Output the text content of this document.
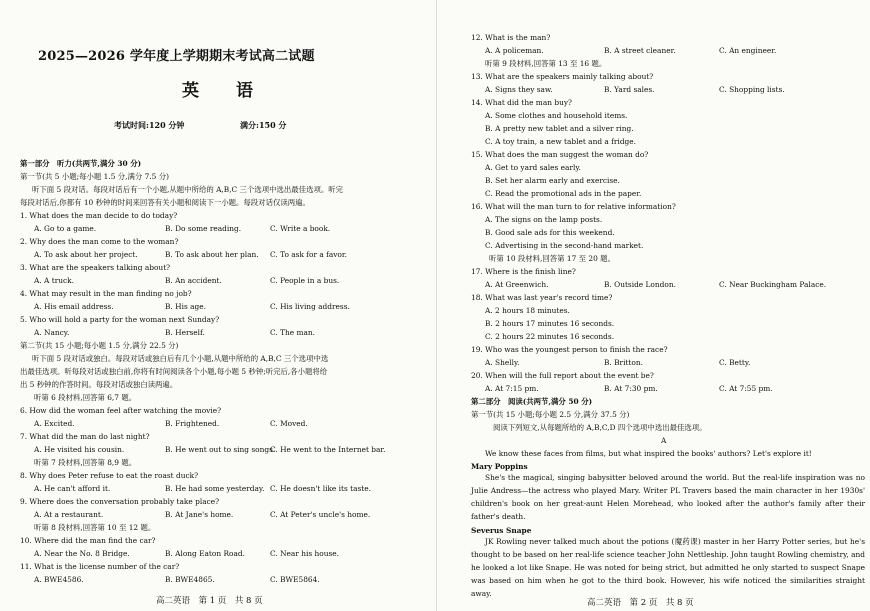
2025—2026 学年度上学期期末考试高二试题
英　语
考试时间:120 分钟	满分:150 分
第一部分　听力(共两节,满分 30 分)
第一节(共 5 小题;每小题 1.5 分,满分 7.5 分)
听下面 5 段对话。每段对话后有一个小题,从题中所给的 A,B,C 三个选项中选出最佳选项。听完
每段对话后,你都有 10 秒钟的时间来回答有关小题和阅读下一小题。每段对话仅读两遍。
1. What does the man decide to do today?
A. Go to a game.	B. Do some reading.	C. Write a book.
2. Why does the man come to the woman?
A. To ask about her project.	B. To ask about her plan. C. To ask for a favor.
3. What are the speakers talking about?
A. A truck.	B. An accident.	C. People in a bus.
4. What may result in the man finding no job?
A. His email address.	B. His age.	C. His living address.
5. Who will hold a party for the woman next Sunday?
A. Nancy.	B. Herself.	C. The man.
第二节(共 15 小题;每小题 1.5 分,满分 22.5 分)
听下面 5 段对话或独白。每段对话或独白后有几个小题,从题中所给的 A,B,C 三个选项中选
出最佳选项。听每段对话或独白前,你将有时间阅读各个小题,每小题 5 秒钟;听完后,各小题将给
出 5 秒钟的作答时间。每段对话或独白读两遍。
听第 6 段材料,回答第 6,7 题。
6. How did the woman feel after watching the movie?
A. Excited.	B. Frightened.	C. Moved.
7. What did the man do last night?
A. He visited his cousin.	B. He went out to sing songs.
C. He went to the Internet bar.
听第 7 段材料,回答第 8,9 题。
8. Why does Peter refuse to eat the roast duck?
A. He can't afford it.	B. He had some yesterday. C. He doesn't like its taste.
9. Where does the conversation probably take place?
A. At a restaurant.	B. At Jane's home.	C. At Peter's uncle's home.
听第 8 段材料,回答第 10 至 12 题。
10. Where did the man find the car?
A. Near the No. 8 Bridge.	B. Along Eaton Road.	C. Near his house.
11. What is the license number of the car?
A. BWE4586.	B. BWE4865.	C. BWE5864.
高二英语　第 1 页　共 8 页
12. What is the man?
A. A policeman.	B. A street cleaner.	C. An engineer.
听第 9 段材料,回答第 13 至 16 题。
13. What are the speakers mainly talking about?
A. Signs they saw.	B. Yard sales.	C. Shopping lists.
14. What did the man buy?
A. Some clothes and household items.
B. A pretty new tablet and a silver ring.
C. A toy train, a new tablet and a fridge.
15. What does the man suggest the woman do?
A. Get to yard sales early.
B. Set her alarm early and exercise.
C. Read the promotional ads in the paper.
16. What will the man turn to for relative information?
A. The signs on the lamp posts.
B. Good sale ads for this weekend.
C. Advertising in the second-hand market.
听第 10 段材料,回答第 17 至 20 题。
17. Where is the finish line?
A. At Greenwich.	B. Outside London.	C. Near Buckingham Palace.
18. What was last year's record time?
A. 2 hours 18 minutes.
B. 2 hours 17 minutes 16 seconds.
C. 2 hours 22 minutes 16 seconds.
19. Who was the youngest person to finish the race?
A. Shelly.	B. Britton.	C. Betty.
20. When will the full report about the event be?
A. At 7:15 pm.	B. At 7:30 pm.	C. At 7:55 pm.
第二部分　阅读(共两节,满分 50 分)
第一节(共 15 小题;每小题 2.5 分,满分 37.5 分)
阅读下列短文,从每题所给的 A,B,C,D 四个选项中选出最佳选项。
A
We know these faces from films, but what inspired the books' authors? Let's explore it!
Mary Poppins
She's the magical, singing babysitter beloved around the world. But the real-life inspiration was no Julie Andress—the actress who played Mary. Writer PL Travers based the main character in her 1930s' children's book on her great-aunt Helen Morehead, who looked after the author's family after their father's death.
Severus Snape
JK Rowling never talked much about the potions (魔药课) master in her Harry Potter series, but he's thought to be based on her real-life science teacher John Nettleship. John taught Rowling chemistry, and he looked a lot like Snape. He was noted for being strict, but admitted he only started to suspect Snape was based on him when he got to the third book. However, his wife noticed the similarities straight away.
高二英语　第 2 页　共 8 页
